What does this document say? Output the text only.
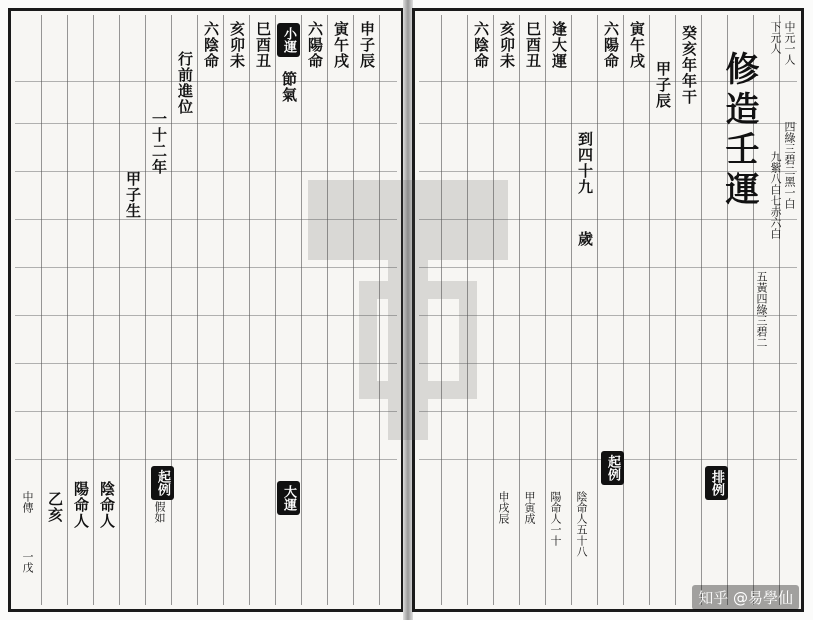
申子辰
寅午戌
六陽命
節氣
巳酉丑
亥卯未
六陰命
行前進位
一十二年
甲子生
陰命人
陽命人
乙亥
中傳
一戊
假如
小運
大運
起例
中元一人
下元人
四綠三碧二黑一白
九紫八白七赤六白
五黃四綠三碧二
修造壬運
癸亥年年干
甲子辰
寅午戌
六陽命
到四十九
歲
逢大運
巳酉丑
亥卯未
六陰命
陰命人五十八
陽命人一十
甲寅成
申戌辰
起例
排例
知乎 @易學仙
